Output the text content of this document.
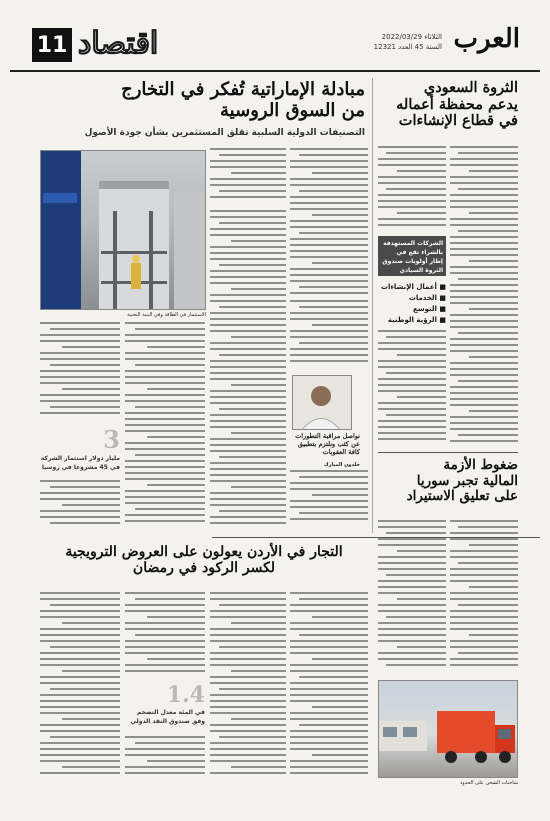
العرب
الثلاثاء 2022/03/29
السنة 45 العدد 12321
11 اقتصاد
مبادلة الإماراتية تُفكر في التخارج
من السوق الروسية
التصنيفات الدولية السلبية تقلق المستثمرين بشأن جودة الأصول
الاستثمار في الطاقة وفي البنية التحتية
نواصل مراقبة التطورات عن كثب ونلتزم بتطبيق كافة العقوبات
خلدون المبارك
3
مليار دولار استثمار الشركة في 45 مشروعا في روسيا
الثروة السعودي
يدعم محفظة أعماله
في قطاع الإنشاءات
الشركات المستهدفة بالشراء تقع في إطار أولويات صندوق الثروة السيادي
■ أعمال الإنشاءات
■ الخدمات
■ التوسع
■ الرؤية الوطنية
ضغوط الأزمة
المالية تجبر سوريا
على تعليق الاستيراد
شاحنات الشحن على الحدود
التجار في الأردن يعولون على العروض الترويجية
لكسر الركود في رمضان
1.4
في المئة معدل التضخم وفق صندوق النقد الدولي
